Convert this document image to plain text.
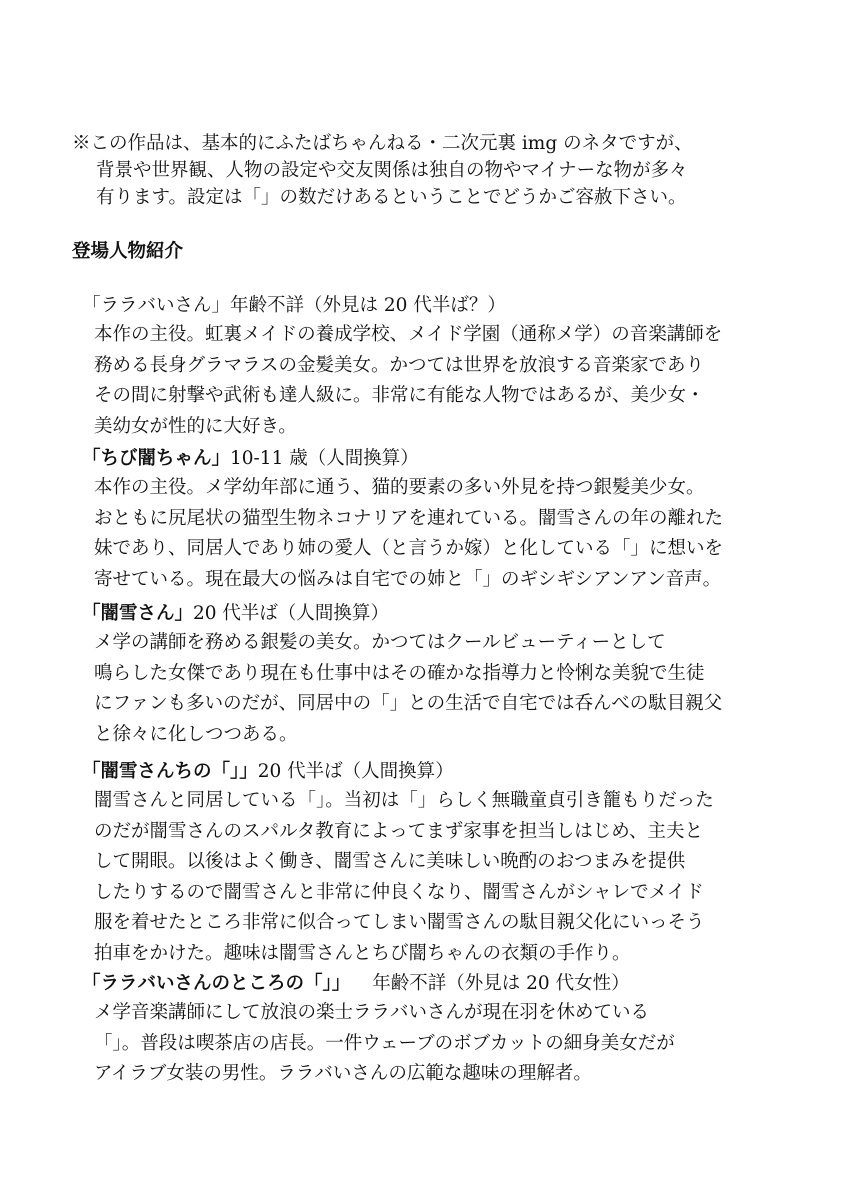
※この作品は、基本的にふたばちゃんねる・二次元裏 img のネタですが、
背景や世界観、人物の設定や交友関係は独自の物やマイナーな物が多々
有ります。設定は「」の数だけあるということでどうかご容赦下さい。
登場人物紹介
「ララバいさん」年齢不詳（外見は 20 代半ば？）
本作の主役。虹裏メイドの養成学校、メイド学園（通称メ学）の音楽講師を
務める長身グラマラスの金髪美女。かつては世界を放浪する音楽家であり
その間に射撃や武術も達人級に。非常に有能な人物ではあるが、美少女・
美幼女が性的に大好き。
「ちび闇ちゃん」10-11 歳（人間換算）
本作の主役。メ学幼年部に通う、猫的要素の多い外見を持つ銀髪美少女。
おともに尻尾状の猫型生物ネコナリアを連れている。闇雪さんの年の離れた
妹であり、同居人であり姉の愛人（と言うか嫁）と化している「」に想いを
寄せている。現在最大の悩みは自宅での姉と「」のギシギシアンアン音声。
「闇雪さん」20 代半ば（人間換算）
メ学の講師を務める銀髪の美女。かつてはクールビューティーとして
鳴らした女傑であり現在も仕事中はその確かな指導力と怜悧な美貌で生徒
にファンも多いのだが、同居中の「」との生活で自宅では呑んべの駄目親父
と徐々に化しつつある。
「闇雪さんちの「」」20 代半ば（人間換算）
闇雪さんと同居している「」。当初は「」らしく無職童貞引き籠もりだった
のだが闇雪さんのスパルタ教育によってまず家事を担当しはじめ、主夫と
して開眼。以後はよく働き、闇雪さんに美味しい晩酌のおつまみを提供
したりするので闇雪さんと非常に仲良くなり、闇雪さんがシャレでメイド
服を着せたところ非常に似合ってしまい闇雪さんの駄目親父化にいっそう
拍車をかけた。趣味は闇雪さんとちび闇ちゃんの衣類の手作り。
「ララバいさんのところの「」」 年齢不詳（外見は 20 代女性）
メ学音楽講師にして放浪の楽士ララバいさんが現在羽を休めている
「」。普段は喫茶店の店長。一件ウェーブのボブカットの細身美女だが
アイラブ女装の男性。ララバいさんの広範な趣味の理解者。
